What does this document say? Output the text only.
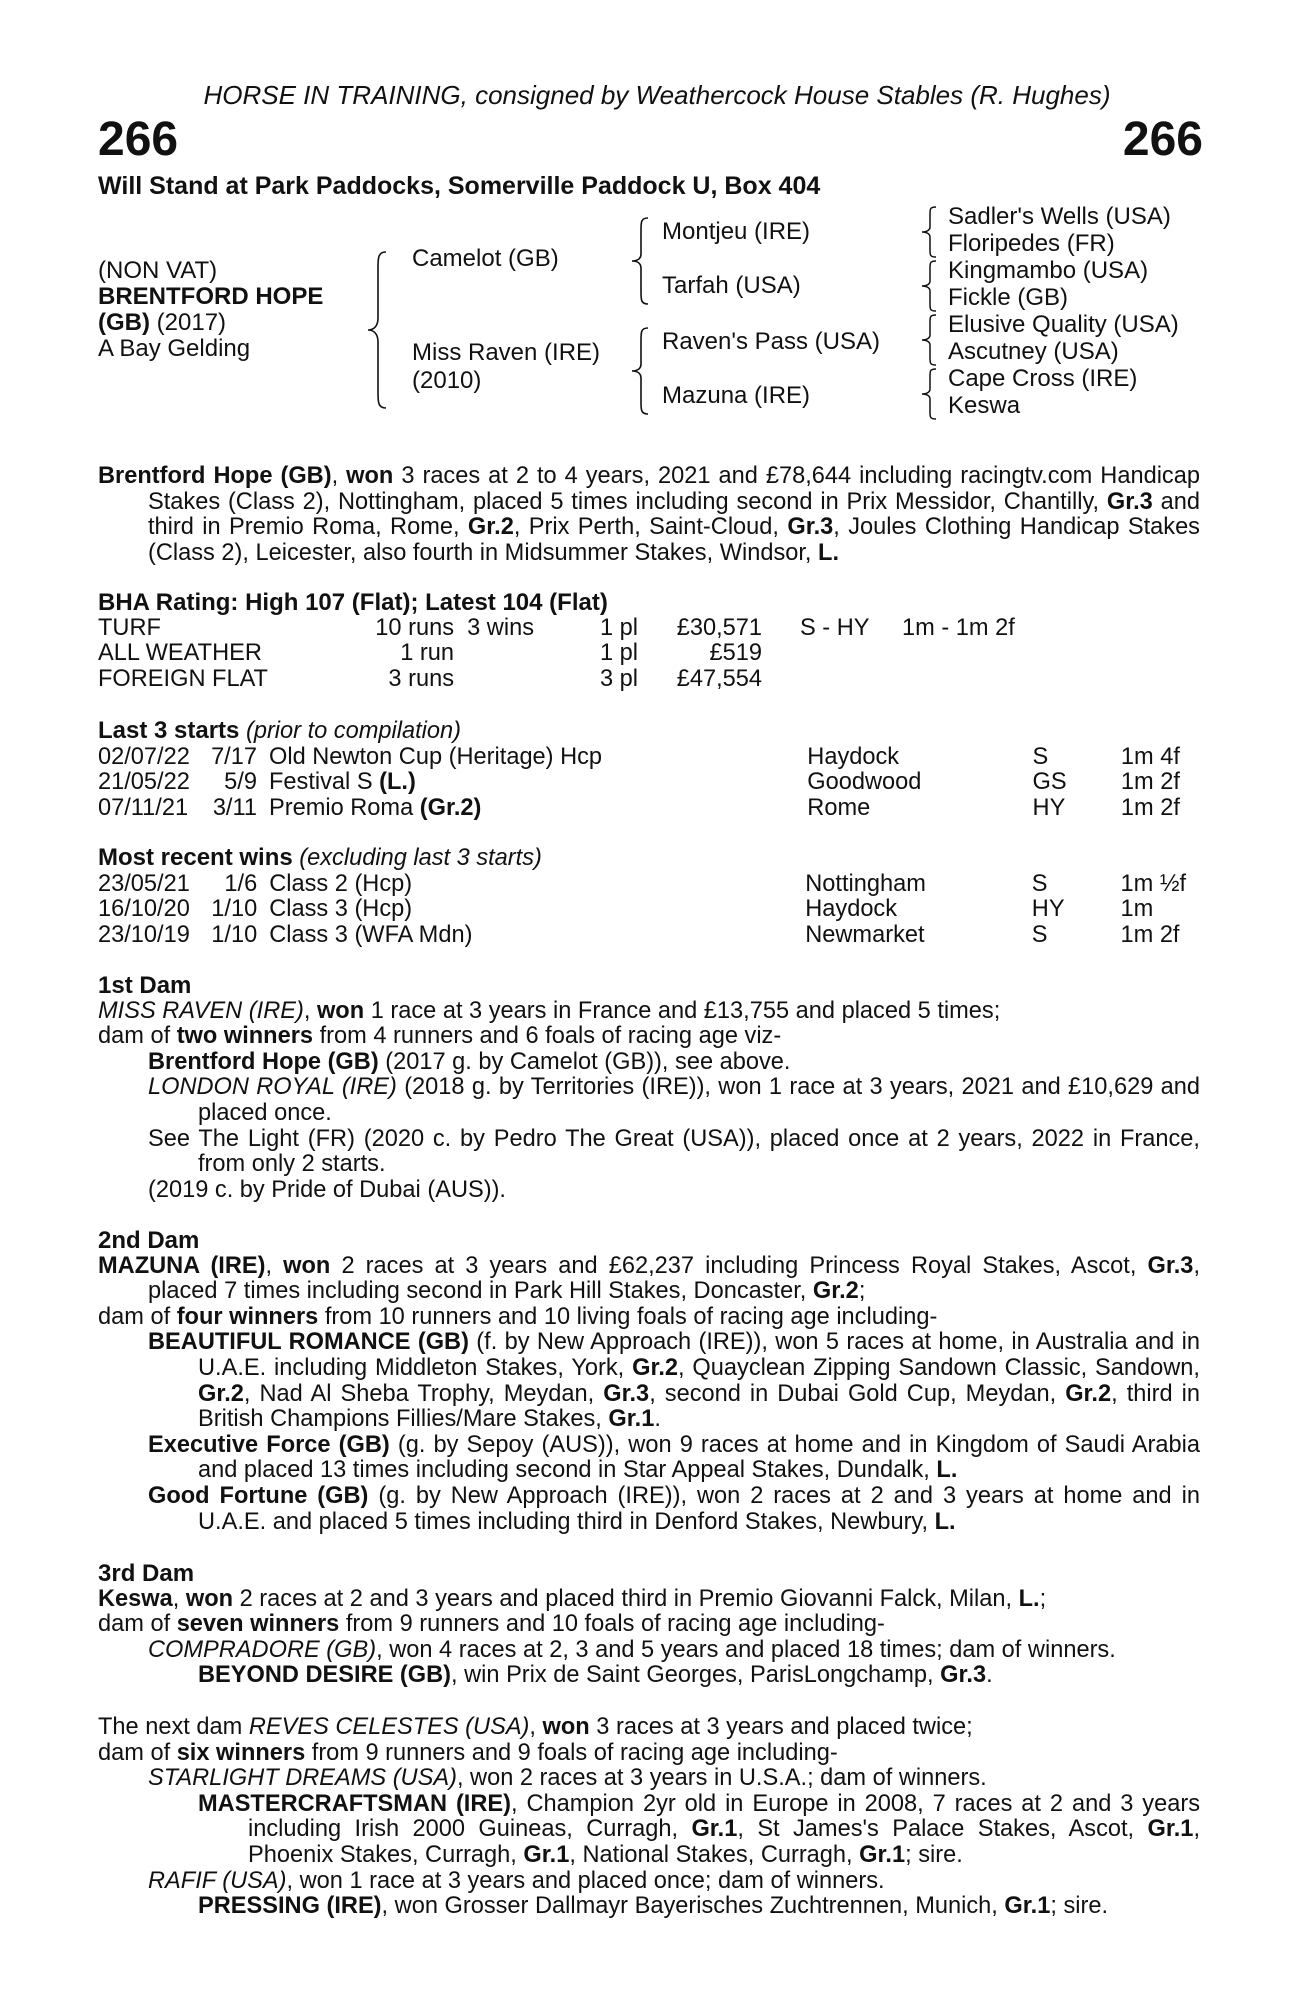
HORSE IN TRAINING, consigned by Weathercock House Stables (R. Hughes)
266	266
Will Stand at Park Paddocks, Somerville Paddock U, Box 404
(NON VAT)
BRENTFORD HOPE
(GB) (2017)
A Bay Gelding
Camelot (GB)
Miss Raven (IRE)
(2010)
Montjeu (IRE)
Tarfah (USA)
Raven's Pass (USA)
Mazuna (IRE)
Sadler's Wells (USA)
Floripedes (FR)
Kingmambo (USA)
Fickle (GB)
Elusive Quality (USA)
Ascutney (USA)
Cape Cross (IRE)
Keswa

Brentford Hope (GB), won 3 races at 2 to 4 years, 2021 and £78,644 including racingtv.com Handicap Stakes (Class 2), Nottingham, placed 5 times including second in Prix Messidor, Chantilly, Gr.3 and third in Premio Roma, Rome, Gr.2, Prix Perth, Saint-Cloud, Gr.3, Joules Clothing Handicap Stakes (Class 2), Leicester, also fourth in Midsummer Stakes, Windsor, L.

BHA Rating: High 107 (Flat); Latest 104 (Flat)
TURF	10 runs	3 wins	1 pl	£30,571	S - HY	1m - 1m 2f
ALL WEATHER	1 run		1 pl	£519		
FOREIGN FLAT	3 runs		3 pl	£47,554		
Last 3 starts (prior to compilation)
02/07/22	7/17	Old Newton Cup (Heritage) Hcp	Haydock	S	1m 4f
21/05/22	5/9	Festival S (L.)	Goodwood	GS	1m 2f
07/11/21	3/11	Premio Roma (Gr.2)	Rome	HY	1m 2f
Most recent wins (excluding last 3 starts)
23/05/21	1/6	Class 2 (Hcp)	Nottingham	S	1m ½f
16/10/20	1/10	Class 3 (Hcp)	Haydock	HY	1m
23/10/19	1/10	Class 3 (WFA Mdn)	Newmarket	S	1m 2f
1st Dam

MISS RAVEN (IRE), won 1 race at 3 years in France and £13,755 and placed 5 times;

dam of two winners from 4 runners and 6 foals of racing age viz-

Brentford Hope (GB) (2017 g. by Camelot (GB)), see above.

LONDON ROYAL (IRE) (2018 g. by Territories (IRE)), won 1 race at 3 years, 2021 and £10,629 and placed once.

See The Light (FR) (2020 c. by Pedro The Great (USA)), placed once at 2 years, 2022 in France, from only 2 starts.

(2019 c. by Pride of Dubai (AUS)).

2nd Dam

MAZUNA (IRE), won 2 races at 3 years and £62,237 including Princess Royal Stakes, Ascot, Gr.3, placed 7 times including second in Park Hill Stakes, Doncaster, Gr.2;

dam of four winners from 10 runners and 10 living foals of racing age including-

BEAUTIFUL ROMANCE (GB) (f. by New Approach (IRE)), won 5 races at home, in Australia and in U.A.E. including Middleton Stakes, York, Gr.2, Quayclean Zipping Sandown Classic, Sandown, Gr.2, Nad Al Sheba Trophy, Meydan, Gr.3, second in Dubai Gold Cup, Meydan, Gr.2, third in British Champions Fillies/Mare Stakes, Gr.1.

Executive Force (GB) (g. by Sepoy (AUS)), won 9 races at home and in Kingdom of Saudi Arabia and placed 13 times including second in Star Appeal Stakes, Dundalk, L.

Good Fortune (GB) (g. by New Approach (IRE)), won 2 races at 2 and 3 years at home and in U.A.E. and placed 5 times including third in Denford Stakes, Newbury, L.

3rd Dam

Keswa, won 2 races at 2 and 3 years and placed third in Premio Giovanni Falck, Milan, L.;

dam of seven winners from 9 runners and 10 foals of racing age including-

COMPRADORE (GB), won 4 races at 2, 3 and 5 years and placed 18 times; dam of winners.

BEYOND DESIRE (GB), win Prix de Saint Georges, ParisLongchamp, Gr.3.

The next dam REVES CELESTES (USA), won 3 races at 3 years and placed twice;

dam of six winners from 9 runners and 9 foals of racing age including-

STARLIGHT DREAMS (USA), won 2 races at 3 years in U.S.A.; dam of winners.

MASTERCRAFTSMAN (IRE), Champion 2yr old in Europe in 2008, 7 races at 2 and 3 years including Irish 2000 Guineas, Curragh, Gr.1, St James's Palace Stakes, Ascot, Gr.1, Phoenix Stakes, Curragh, Gr.1, National Stakes, Curragh, Gr.1; sire.

RAFIF (USA), won 1 race at 3 years and placed once; dam of winners.

PRESSING (IRE), won Grosser Dallmayr Bayerisches Zuchtrennen, Munich, Gr.1; sire.
